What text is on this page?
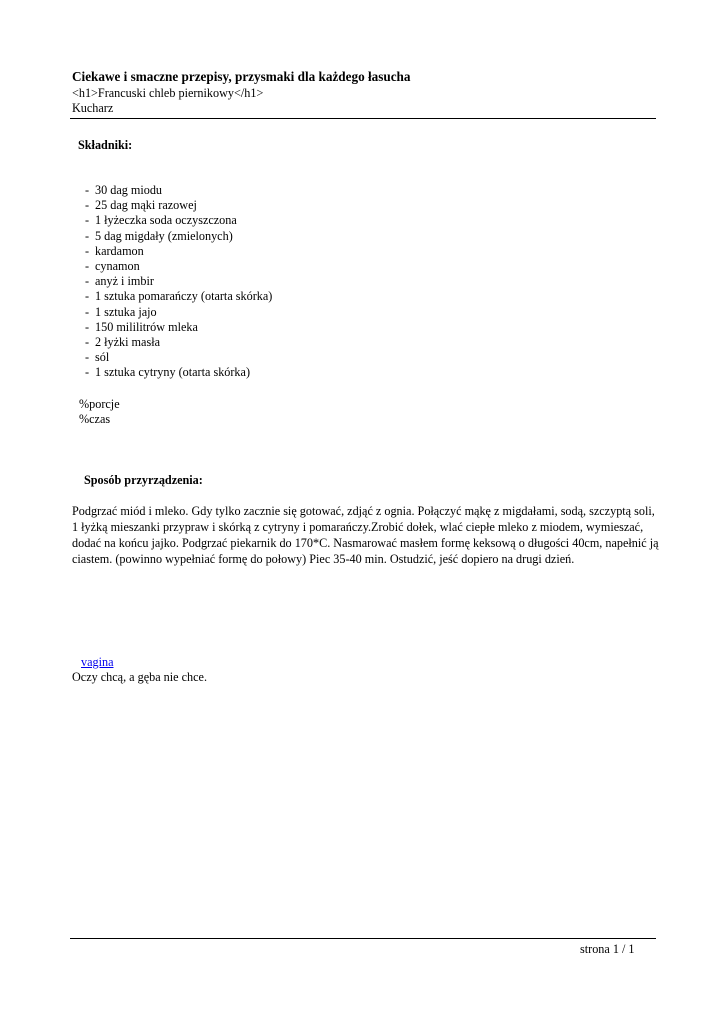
Ciekawe i smaczne przepisy, przysmaki dla każdego łasucha
<h1>Francuski chleb piernikowy</h1>
Kucharz
Składniki:
- 30 dag miodu
- 25 dag mąki razowej
- 1 łyżeczka soda oczyszczona
- 5 dag migdały (zmielonych)
- kardamon
- cynamon
- anyż i imbir
- 1 sztuka pomarańczy (otarta skórka)
- 1 sztuka jajo
- 150 mililitrów mleka
- 2 łyżki masła
- sól
- 1 sztuka cytryny (otarta skórka)
%porcje
%czas
Sposób przyrządzenia:

Podgrzać miód i mleko. Gdy tylko zacznie się gotować, zdjąć z ognia. Połączyć mąkę z migdałami, sodą, szczyptą soli, 1 łyżką mieszanki przypraw i skórką z cytryny i pomarańczy.Zrobić dołek, wlać ciepłe mleko z miodem, wymieszać, dodać na końcu jajko. Podgrzać piekarnik do 170*C. Nasmarować masłem formę keksową o długości 40cm, napełnić ją ciastem. (powinno wypełniać formę do połowy) Piec 35-40 min. Ostudzić, jeść dopiero na drugi dzień.

vagina
Oczy chcą, a gęba nie chce.
strona 1 / 1
